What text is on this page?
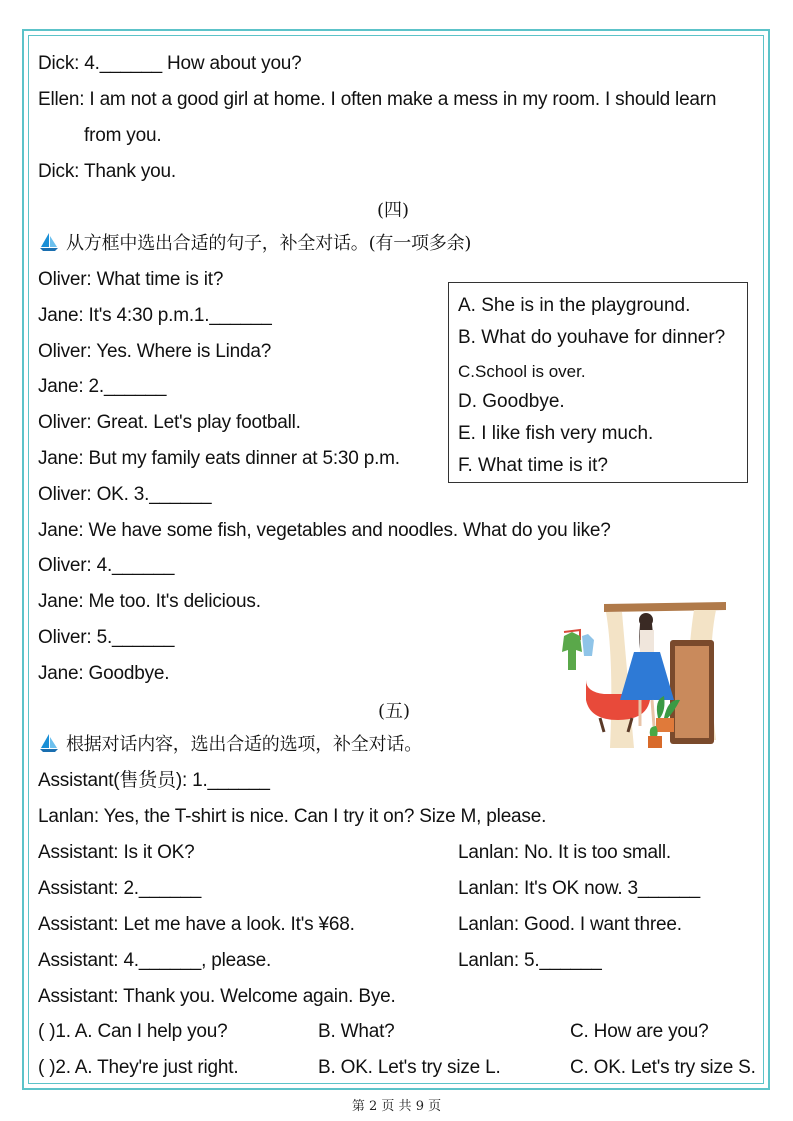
Dick: 4.______ How about you?
Ellen: I am not a good girl at home. I often make a mess in my room. I should learn
from you.
Dick: Thank you.
(四)
从方框中选出合适的句子，补全对话。(有一项多余)
Oliver: What time is it?
Jane: It's 4:30 p.m.1.______
Oliver: Yes. Where is Linda?
Jane: 2.______
Oliver: Great. Let's play football.
Jane: But my family eats dinner at 5:30 p.m.
Oliver: OK. 3.______
Jane: We have some fish, vegetables and noodles. What do you like?
Oliver: 4.______
Jane: Me too. It's delicious.
Oliver: 5.______
Jane: Goodbye.
A. She is in the playground.
B. What do youhave for dinner?
C.School is over.
D. Goodbye.
E. I like fish very much.
F. What time is it?
(五)
根据对话内容，选出合适的选项，补全对话。
Assistant(售货员): 1.______
Lanlan: Yes, the T-shirt is nice. Can I try it on? Size M, please.
Assistant: Is it OK?	Lanlan: No. It is too small.
Assistant: 2.______	Lanlan: It's OK now. 3______
Assistant: Let me have a look. It's ¥68.	Lanlan: Good. I want three.
Assistant: 4.______, please.	Lanlan: 5.______
Assistant: Thank you. Welcome again. Bye.
( )1. A. Can I help you?	B. What?	C. How are you?
( )2. A. They're just right.	B. OK. Let's try size L.	C. OK. Let's try size S.
第 2 页 共 9 页
